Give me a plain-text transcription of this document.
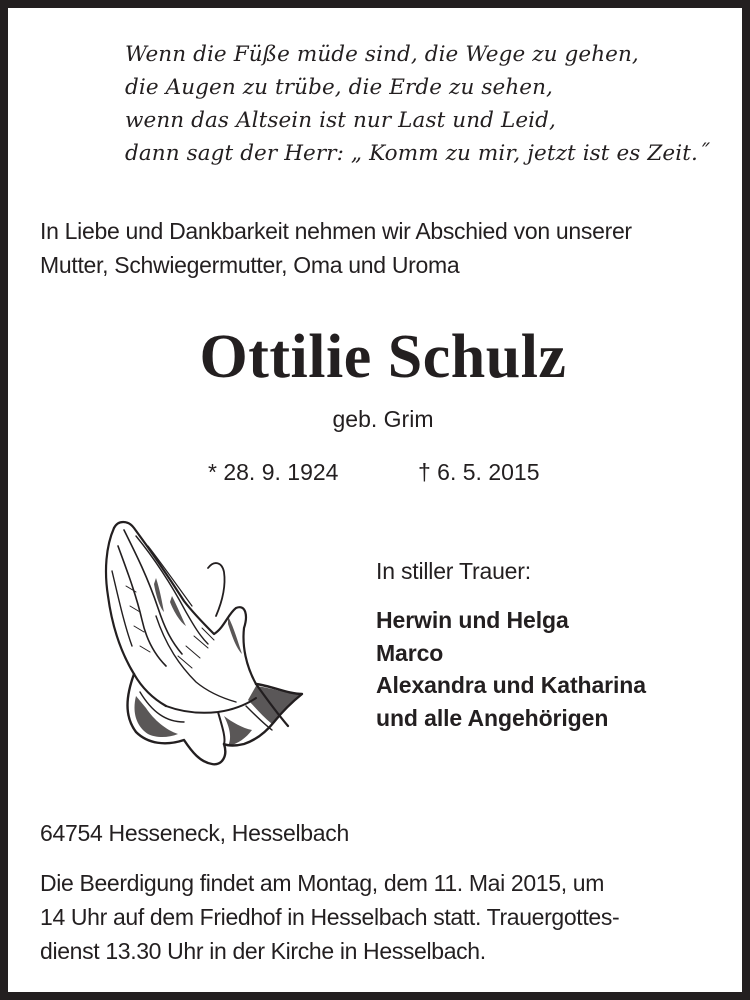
Wenn die Füße müde sind, die Wege zu gehen,
die Augen zu trübe, die Erde zu sehen,
wenn das Altsein ist nur Last und Leid,
dann sagt der Herr: „ Komm zu mir, jetzt ist es Zeit.˝
In Liebe und Dankbarkeit nehmen wir Abschied von unserer
Mutter, Schwiegermutter, Oma und Uroma
Ottilie Schulz
geb. Grim
* 28. 9. 1924	† 6. 5. 2015
In stiller Trauer:
Herwin und Helga
Marco
Alexandra und Katharina
und alle Angehörigen
64754 Hesseneck, Hesselbach
Die Beerdigung findet am Montag, dem 11. Mai 2015, um
14 Uhr auf dem Friedhof in Hesselbach statt. Trauergottes-
dienst 13.30 Uhr in der Kirche in Hesselbach.
